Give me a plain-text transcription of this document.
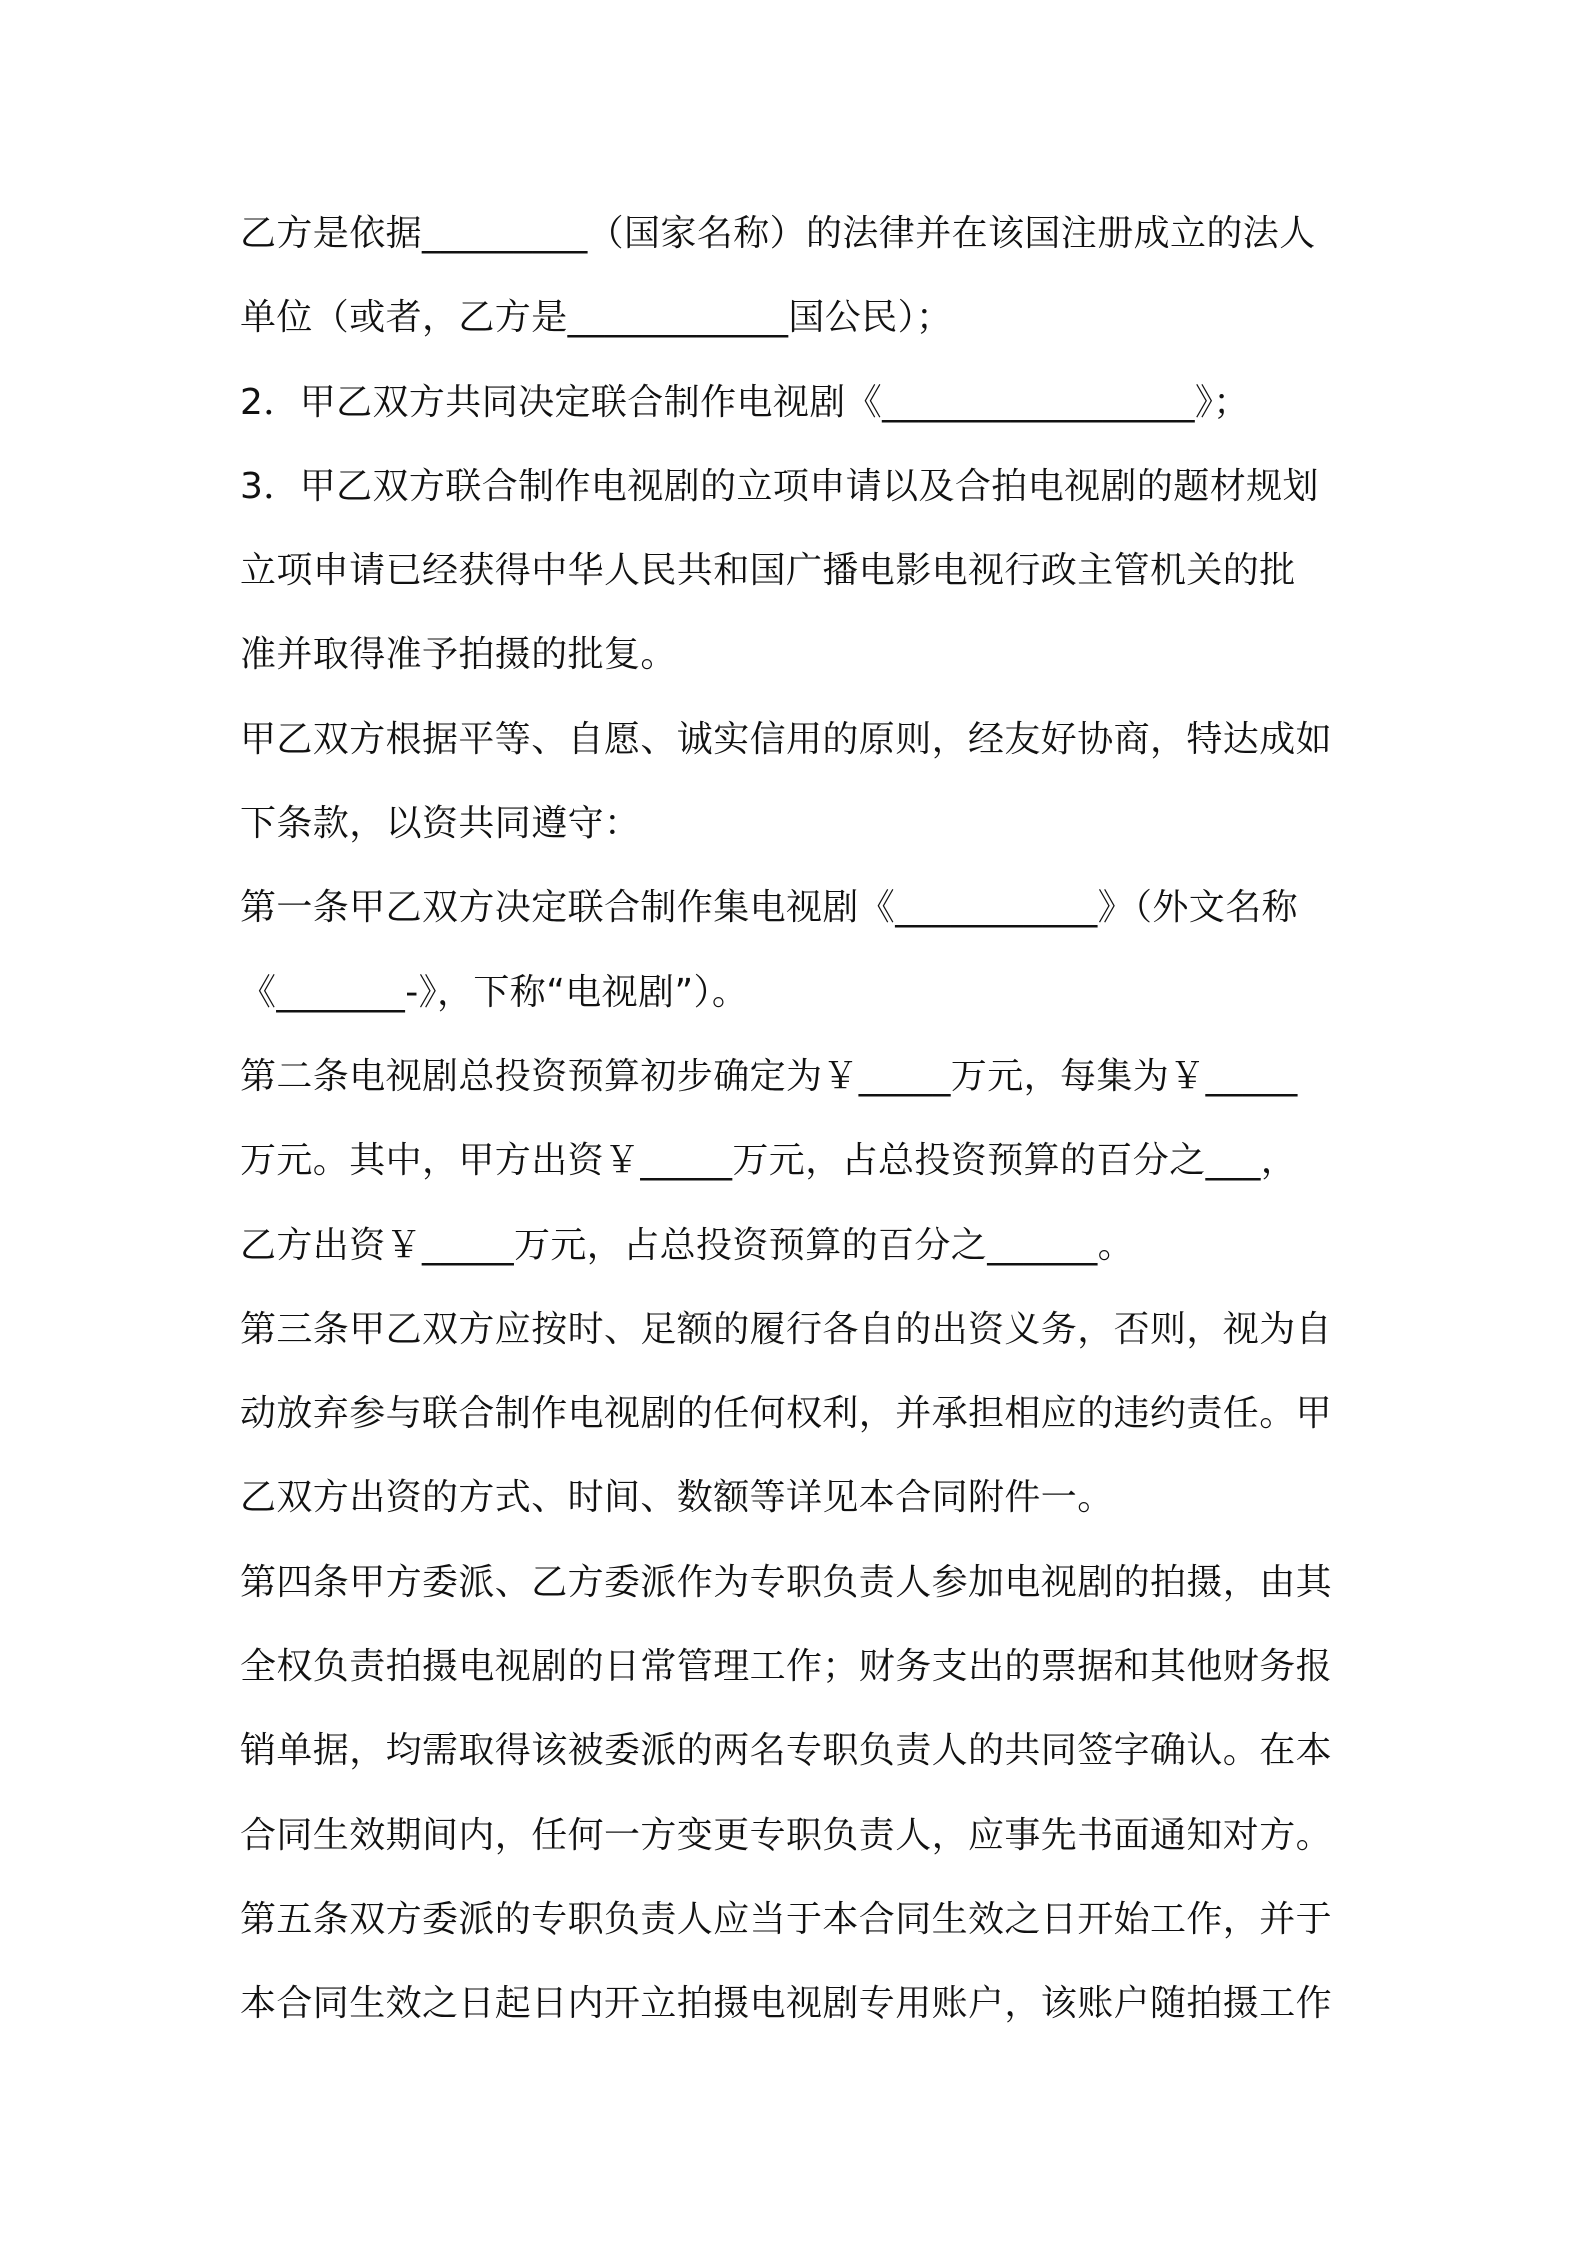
乙方是依据_________（国家名称）的法律并在该国注册成立的法人
单位（或者，乙方是____________国公民）；
2．甲乙双方共同决定联合制作电视剧《_________________》；
3．甲乙双方联合制作电视剧的立项申请以及合拍电视剧的题材规划
立项申请已经获得中华人民共和国广播电影电视行政主管机关的批
准并取得准予拍摄的批复。
甲乙双方根据平等、自愿、诚实信用的原则，经友好协商，特达成如
下条款，以资共同遵守：
第一条甲乙双方决定联合制作集电视剧《___________》（外文名称
《_______-》，下称“电视剧”）。
第二条电视剧总投资预算初步确定为￥_____万元，每集为￥_____
万元。其中，甲方出资￥_____万元，占总投资预算的百分之___，
乙方出资￥_____万元，占总投资预算的百分之______。
第三条甲乙双方应按时、足额的履行各自的出资义务，否则，视为自
动放弃参与联合制作电视剧的任何权利，并承担相应的违约责任。甲
乙双方出资的方式、时间、数额等详见本合同附件一。
第四条甲方委派、乙方委派作为专职负责人参加电视剧的拍摄，由其
全权负责拍摄电视剧的日常管理工作；财务支出的票据和其他财务报
销单据，均需取得该被委派的两名专职负责人的共同签字确认。在本
合同生效期间内，任何一方变更专职负责人，应事先书面通知对方。
第五条双方委派的专职负责人应当于本合同生效之日开始工作，并于
本合同生效之日起日内开立拍摄电视剧专用账户，该账户随拍摄工作
